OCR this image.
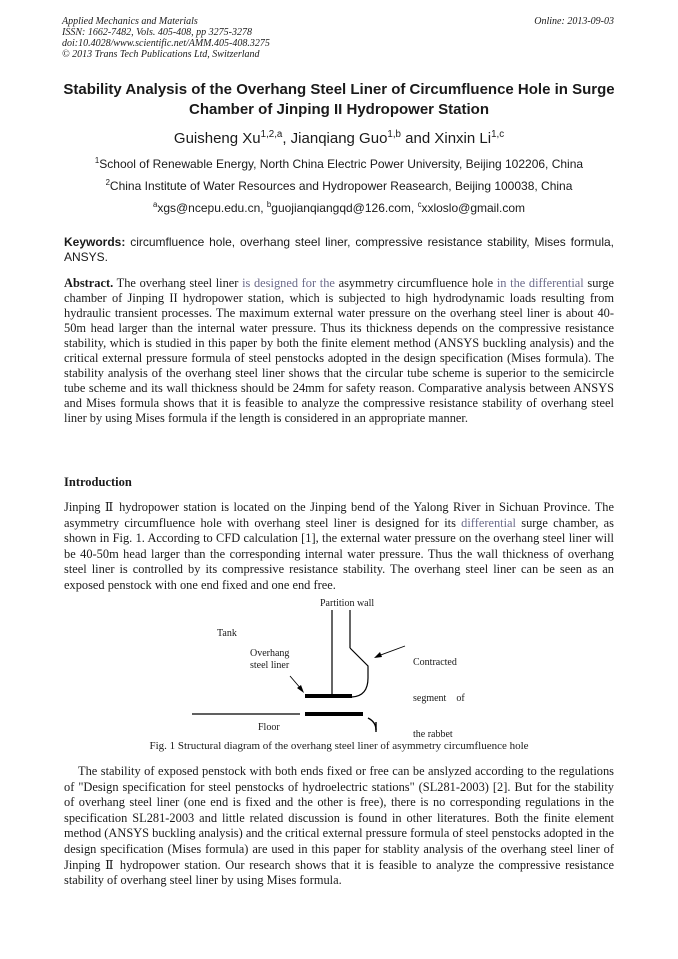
Applied Mechanics and Materials
ISSN: 1662-7482, Vols. 405-408, pp 3275-3278
doi:10.4028/www.scientific.net/AMM.405-408.3275
© 2013 Trans Tech Publications Ltd, Switzerland
Online: 2013-09-03
Stability Analysis of the Overhang Steel Liner of Circumfluence Hole in Surge Chamber of Jinping II Hydropower Station
Guisheng Xu$^{1,2,a}$, Jianqiang Guo$^{1,b}$ and Xinxin Li$^{1,c}$
$^1$School of Renewable Energy, North China Electric Power University, Beijing 102206, China
$^2$China Institute of Water Resources and Hydropower Reasearch, Beijing 100038, China
$^a$xgs@ncepu.edu.cn, $^b$guojianqiangqd@126.com, $^c$xxloslo@gmail.com
Keywords: circumfluence hole, overhang steel liner, compressive resistance stability, Mises formula, ANSYS.
Abstract. The overhang steel liner is designed for the asymmetry circumfluence hole in the differential surge chamber of Jinping II hydropower station, which is subjected to high hydrodynamic loads resulting from hydraulic transient processes. The maximum external water pressure on the overhang steel liner is about 40-50m head larger than the internal water pressure. Thus its thickness depends on the compressive resistance stability, which is studied in this paper by both the finite element method (ANSYS buckling analysis) and the critical external pressure formula of steel penstocks adopted in the design specification (Mises formula). The stability analysis of the overhang steel liner shows that the circular tube scheme is superior to the semicircle tube scheme and its wall thickness should be 24mm for safety reason. Comparative analysis between ANSYS and Mises formula shows that it is feasible to analyze the compressive resistance stability of overhang steel liner by using Mises formula if the length is considered in an appropriate manner.
Introduction
Jinping Ⅱ hydropower station is located on the Jinping bend of the Yalong River in Sichuan Province. The asymmetry circumfluence hole with overhang steel liner is designed for its differential surge chamber, as shown in Fig. 1. According to CFD calculation [1], the external water pressure on the overhang steel liner will be 40-50m head larger than the corresponding internal water pressure. Thus the wall thickness of overhang steel liner is controlled by its compressive resistance stability. The overhang steel liner can be seen as an exposed penstock with one end fixed and one end free.
Partition wall
Tank
Overhang
steel liner

	Contracted

segment    of

the rabbet

Floor
Fig. 1 Structural diagram of the overhang steel liner of asymmetry circumfluence hole
The stability of exposed penstock with both ends fixed or free can be anslyzed according to the regulations of "Design specification for steel penstocks of hydroelectric stations" (SL281-2003) [2]. But for the stability of overhang steel liner (one end is fixed and the other is free), there is no corresponding regulations in the specification SL281-2003 and little related discussion is found in other literatures. Both the finite element method (ANSYS buckling analysis) and the critical external pressure formula of steel penstocks adopted in the design specification (Mises formula) are used in this paper for stablity analysis of the overhang steel liner of Jinping Ⅱ hydropower station. Our research shows that it is feasible to analyze the compressive resistance stability of overhang steel liner by using Mises formula.
